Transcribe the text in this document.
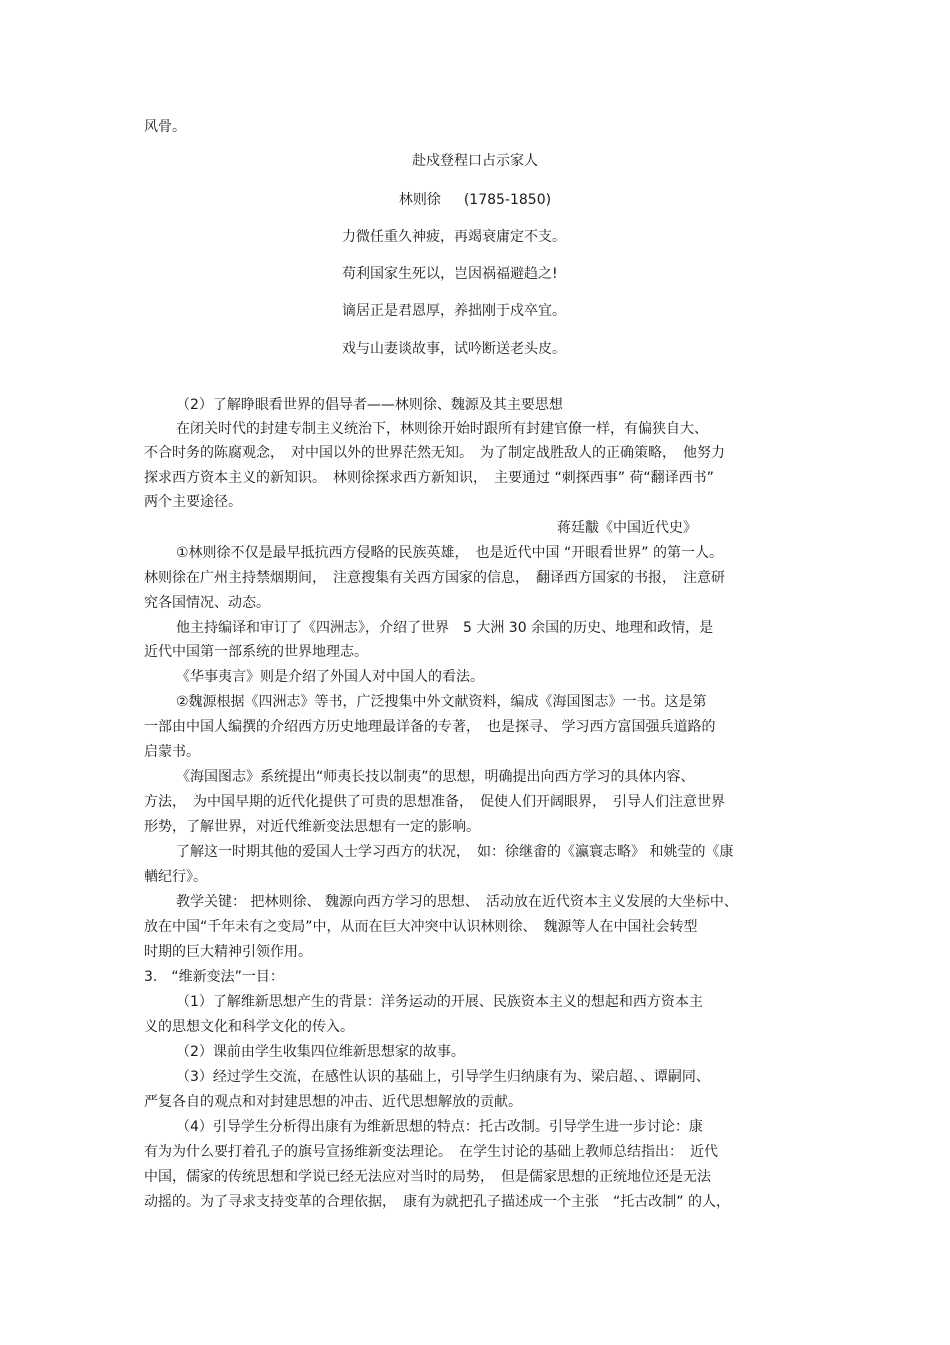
风骨。
赴戍登程口占示家人
林则徐 (1785-1850)
力微任重久神疲，再竭衰庸定不支。
苟利国家生死以，岂因祸福避趋之!
谪居正是君恩厚，养拙刚于戍卒宜。
戏与山妻谈故事，试吟断送老头皮。
（2）了解睁眼看世界的倡导者——林则徐、魏源及其主要思想
在闭关时代的封建专制主义统治下，林则徐开始时跟所有封建官僚一样，有偏狭自大、
不合时务的陈腐观念，　对中国以外的世界茫然无知。　为了制定战胜敌人的正确策略，　他努力
探求西方资本主义的新知识。　林则徐探求西方新知识，　主要通过 “刺探西事” 荷“翻译西书”
两个主要途径。
蒋廷黻《中国近代史》
①林则徐不仅是最早抵抗西方侵略的民族英雄，　也是近代中国 “开眼看世界” 的第一人。
林则徐在广州主持禁烟期间，　注意搜集有关西方国家的信息，　翻译西方国家的书报，　注意研
究各国情况、动态。
他主持编译和审订了《四洲志》，介绍了世界　5 大洲 30 余国的历史、地理和政情，是
近代中国第一部系统的世界地理志。
《华事夷言》则是介绍了外国人对中国人的看法。
②魏源根据《四洲志》等书，广泛搜集中外文献资料，编成《海国图志》一书。这是第
一部由中国人编撰的介绍西方历史地理最详备的专著，　也是探寻、 学习西方富国强兵道路的
启蒙书。
《海国图志》系统提出“师夷长技以制夷”的思想，明确提出向西方学习的具体内容、
方法，　为中国早期的近代化提供了可贵的思想准备，　促使人们开阔眼界，　引导人们注意世界
形势，了解世界，对近代维新变法思想有一定的影响。
了解这一时期其他的爱国人士学习西方的状况，　如：徐继畬的《瀛寰志略》 和姚莹的《康
輶纪行》。
教学关键： 把林则徐、 魏源向西方学习的思想、　活动放在近代资本主义发展的大坐标中、
放在中国“千年未有之变局”中，从而在巨大冲突中认识林则徐、　魏源等人在中国社会转型
时期的巨大精神引领作用。
3.　“维新变法”一目：
（1）了解维新思想产生的背景：洋务运动的开展、民族资本主义的想起和西方资本主
义的思想文化和科学文化的传入。
（2）课前由学生收集四位维新思想家的故事。
（3）经过学生交流，在感性认识的基础上，引导学生归纳康有为、梁启超、、谭嗣同、
严复各自的观点和对封建思想的冲击、近代思想解放的贡献。
（4）引导学生分析得出康有为维新思想的特点：托古改制。引导学生进一步讨论：康
有为为什么要打着孔子的旗号宣扬维新变法理论。　在学生讨论的基础上教师总结指出：　近代
中国，儒家的传统思想和学说已经无法应对当时的局势，　但是儒家思想的正统地位还是无法
动摇的。为了寻求支持变革的合理依据，　康有为就把孔子描述成一个主张　“托古改制” 的人，
